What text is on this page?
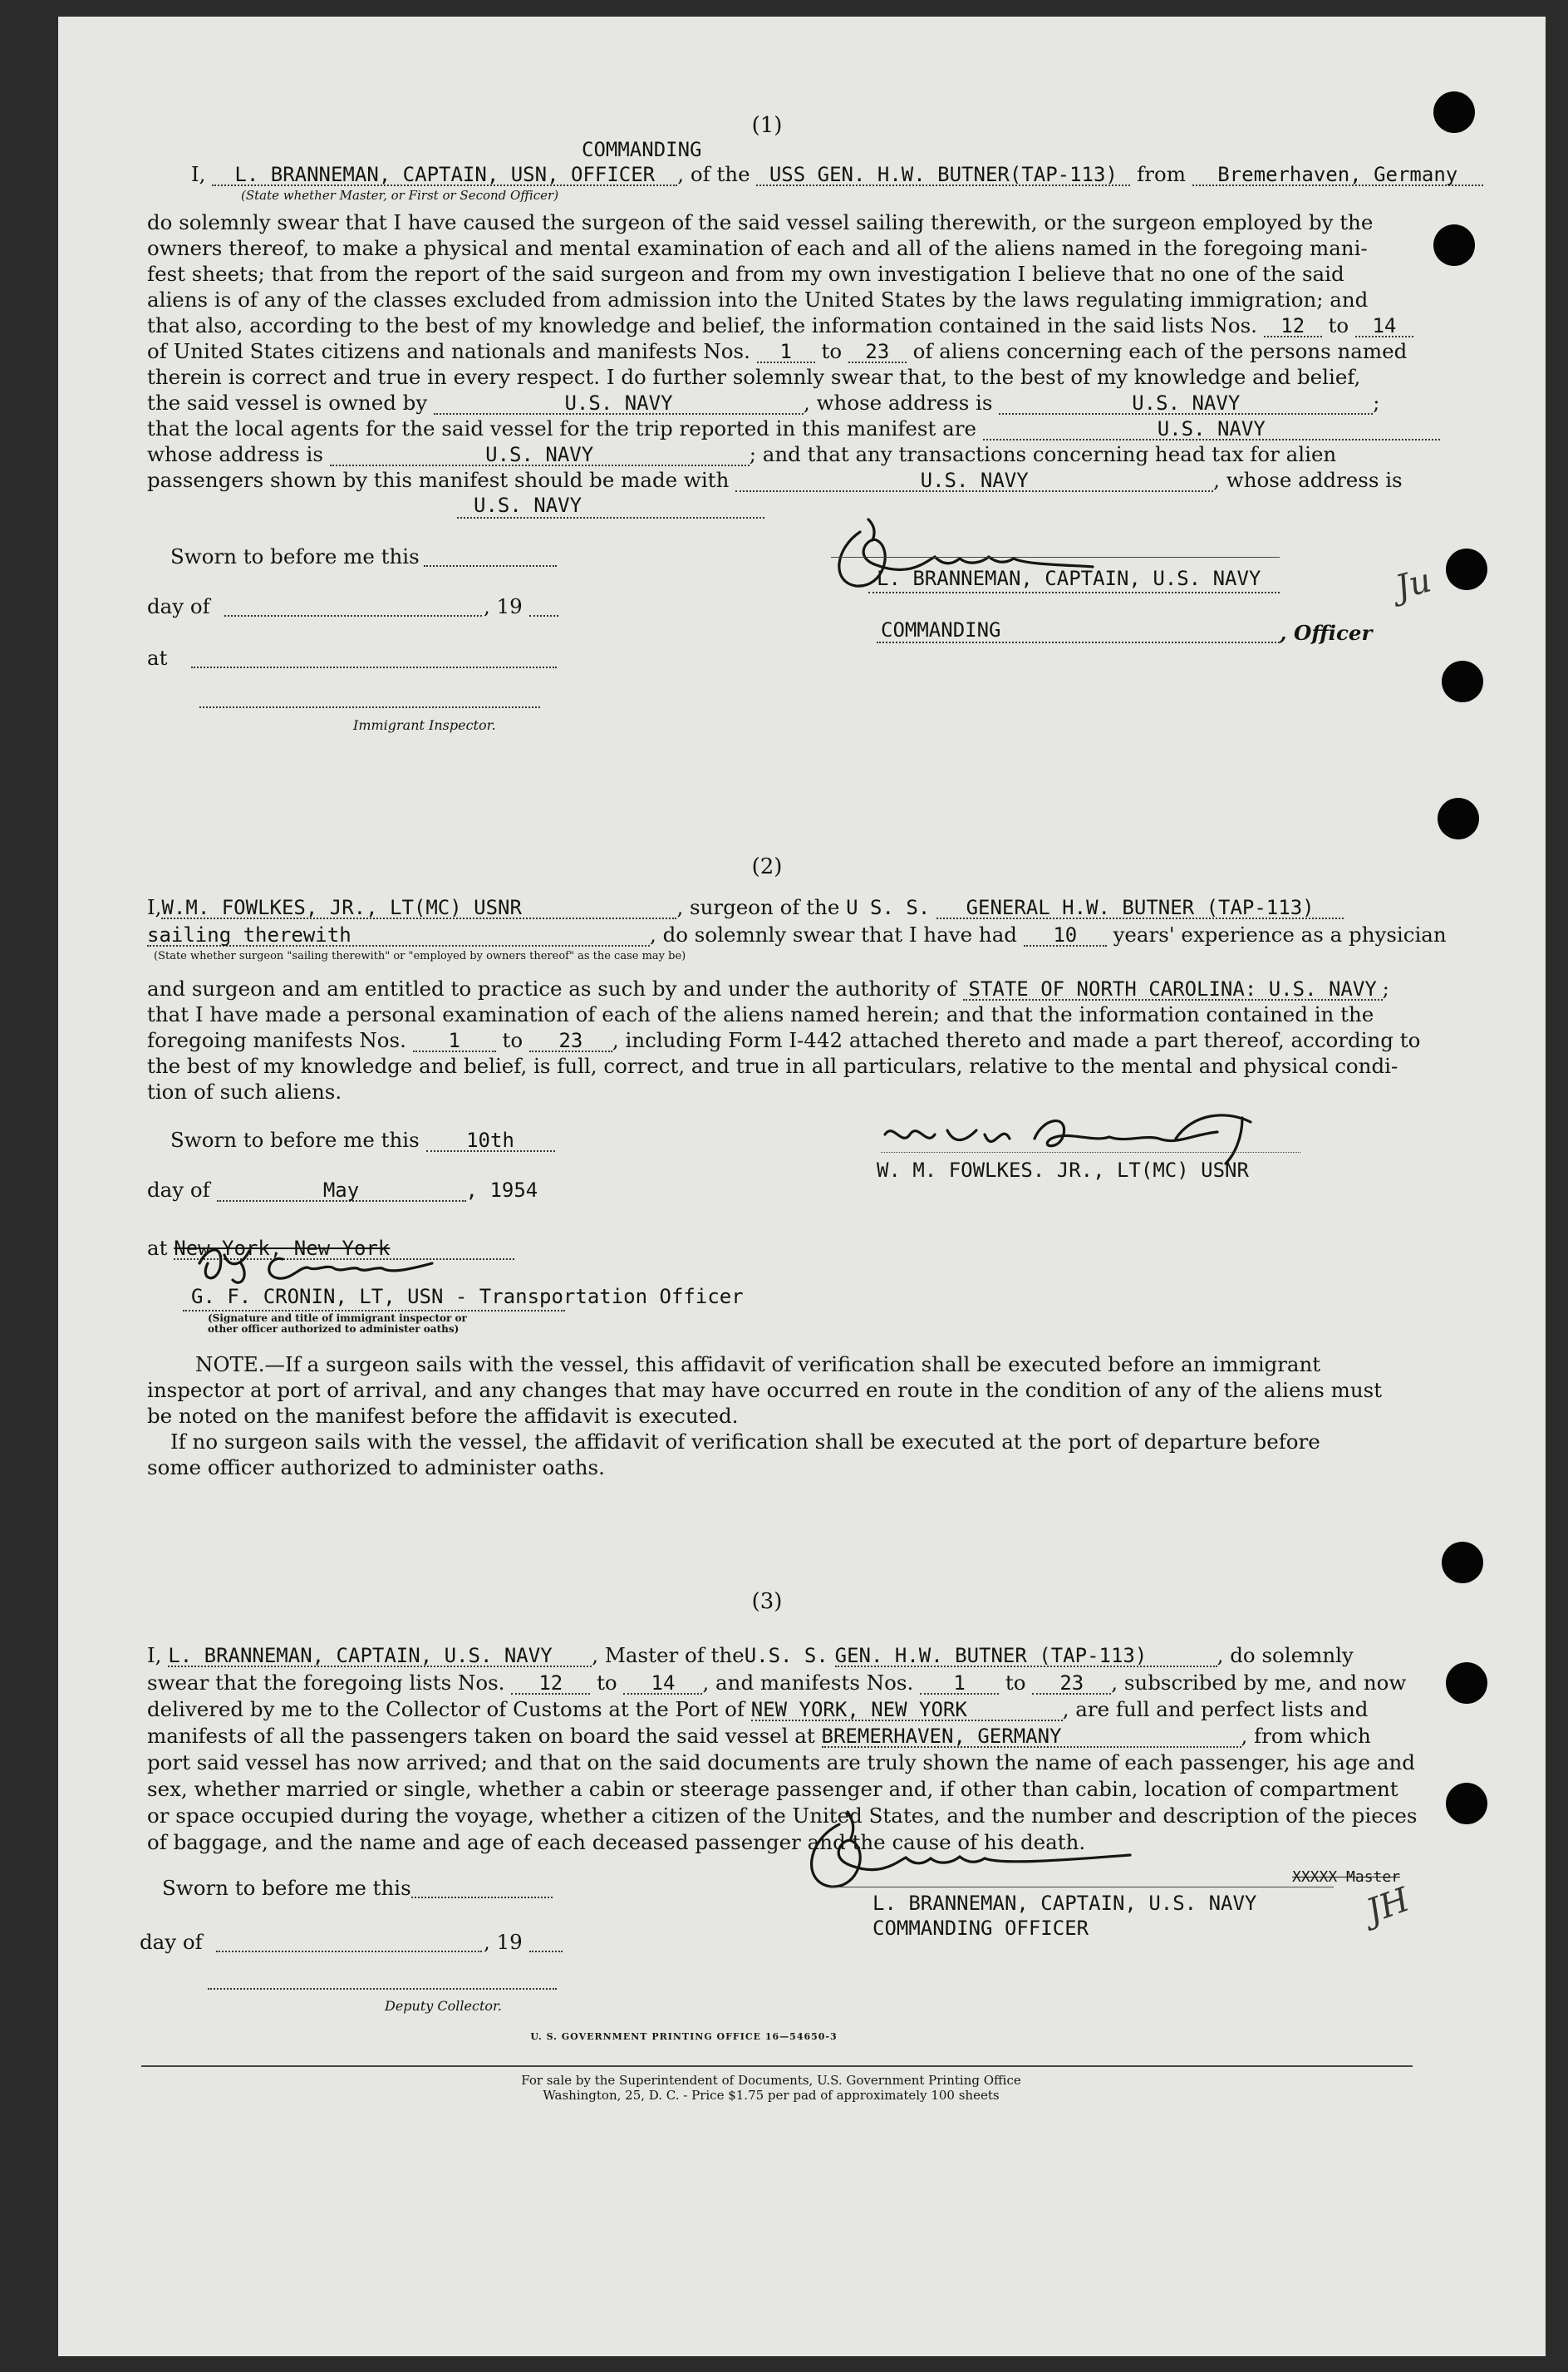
(1)
COMMANDING
I, L. BRANNEMAN, CAPTAIN, USN, OFFICER , of the USS GEN. H.W. BUTNER(TAP-113) from Bremerhaven, Germany
(State whether Master, or First or Second Officer)
do solemnly swear that I have caused the surgeon of the said vessel sailing therewith, or the surgeon employed by the
owners thereof, to make a physical and mental examination of each and all of the aliens named in the foregoing mani-
fest sheets; that from the report of the said surgeon and from my own investigation I believe that no one of the said
aliens is of any of the classes excluded from admission into the United States by the laws regulating immigration; and
that also, according to the best of my knowledge and belief, the information contained in the said lists Nos. 12 to 14
of United States citizens and nationals and manifests Nos. 1 to 23 of aliens concerning each of the persons named
therein is correct and true in every respect. I do further solemnly swear that, to the best of my knowledge and belief,
the said vessel is owned by	U.S. NAVY	, whose address is	U.S. NAVY	;
that the local agents for the said vessel for the trip reported in this manifest are	U.S. NAVY
whose address is	U.S. NAVY	; and that any transactions concerning head tax for alien
passengers shown by this manifest should be made with	U.S. NAVY	, whose address is
U.S. NAVY
Sworn to before me this
day of	, 19
at
Immigrant Inspector.
L. BRANNEMAN, CAPTAIN, U.S. NAVY
COMMANDING	, Officer
(2)
I,W.M. FOWLKES, JR., LT(MC) USNR	, surgeon of the U S. S. GENERAL H.W. BUTNER (TAP-113)
sailing therewith	, do solemnly swear that I have had 10 years' experience as a physician
(State whether surgeon "sailing therewith" or "employed by owners thereof" as the case may be)
and surgeon and am entitled to practice as such by and under the authority of STATE OF NORTH CAROLINA: U.S. NAVY ;
that I have made a personal examination of each of the aliens named herein; and that the information contained in the
foregoing manifests Nos. 1 to 23 , including Form I-442 attached thereto and made a part thereof, according to
the best of my knowledge and belief, is full, correct, and true in all particulars, relative to the mental and physical condi-
tion of such aliens.
Sworn to before me this 10th
day of	May	, 1954
at New York, New York
G. F. CRONIN, LT, USN - Transportation Officer
(Signature and title of immigrant inspector or
other officer authorized to administer oaths)
W. M. FOWLKES. JR., LT(MC) USNR
NOTE.—If a surgeon sails with the vessel, this affidavit of verification shall be executed before an immigrant
inspector at port of arrival, and any changes that may have occurred en route in the condition of any of the aliens must
be noted on the manifest before the affidavit is executed.
If no surgeon sails with the vessel, the affidavit of verification shall be executed at the port of departure before
some officer authorized to administer oaths.
(3)
I, L. BRANNEMAN, CAPTAIN, U.S. NAVY , Master of theU.S. S. GEN. H.W. BUTNER (TAP-113)	, do solemnly
swear that the foregoing lists Nos. 12 to 14 , and manifests Nos. 1 to 23 , subscribed by me, and now
delivered by me to the Collector of Customs at the Port of NEW YORK, NEW YORK	, are full and perfect lists and
manifests of all the passengers taken on board the said vessel at BREMERHAVEN, GERMANY	, from which
port said vessel has now arrived; and that on the said documents are truly shown the name of each passenger, his age and
sex, whether married or single, whether a cabin or steerage passenger and, if other than cabin, location of compartment
or space occupied during the voyage, whether a citizen of the United States, and the number and description of the pieces
of baggage, and the name and age of each deceased passenger and the cause of his death.
Sworn to before me this
day of	, 19
Deputy Collector.
L. BRANNEMAN, CAPTAIN, U.S. NAVY
COMMANDING OFFICER
XXXXX Master
U. S. GOVERNMENT PRINTING OFFICE 16—54650-3
For sale by the Superintendent of Documents, U.S. Government Printing Office
Washington, 25, D. C. - Price $1.75 per pad of approximately 100 sheets
Ju
JH
